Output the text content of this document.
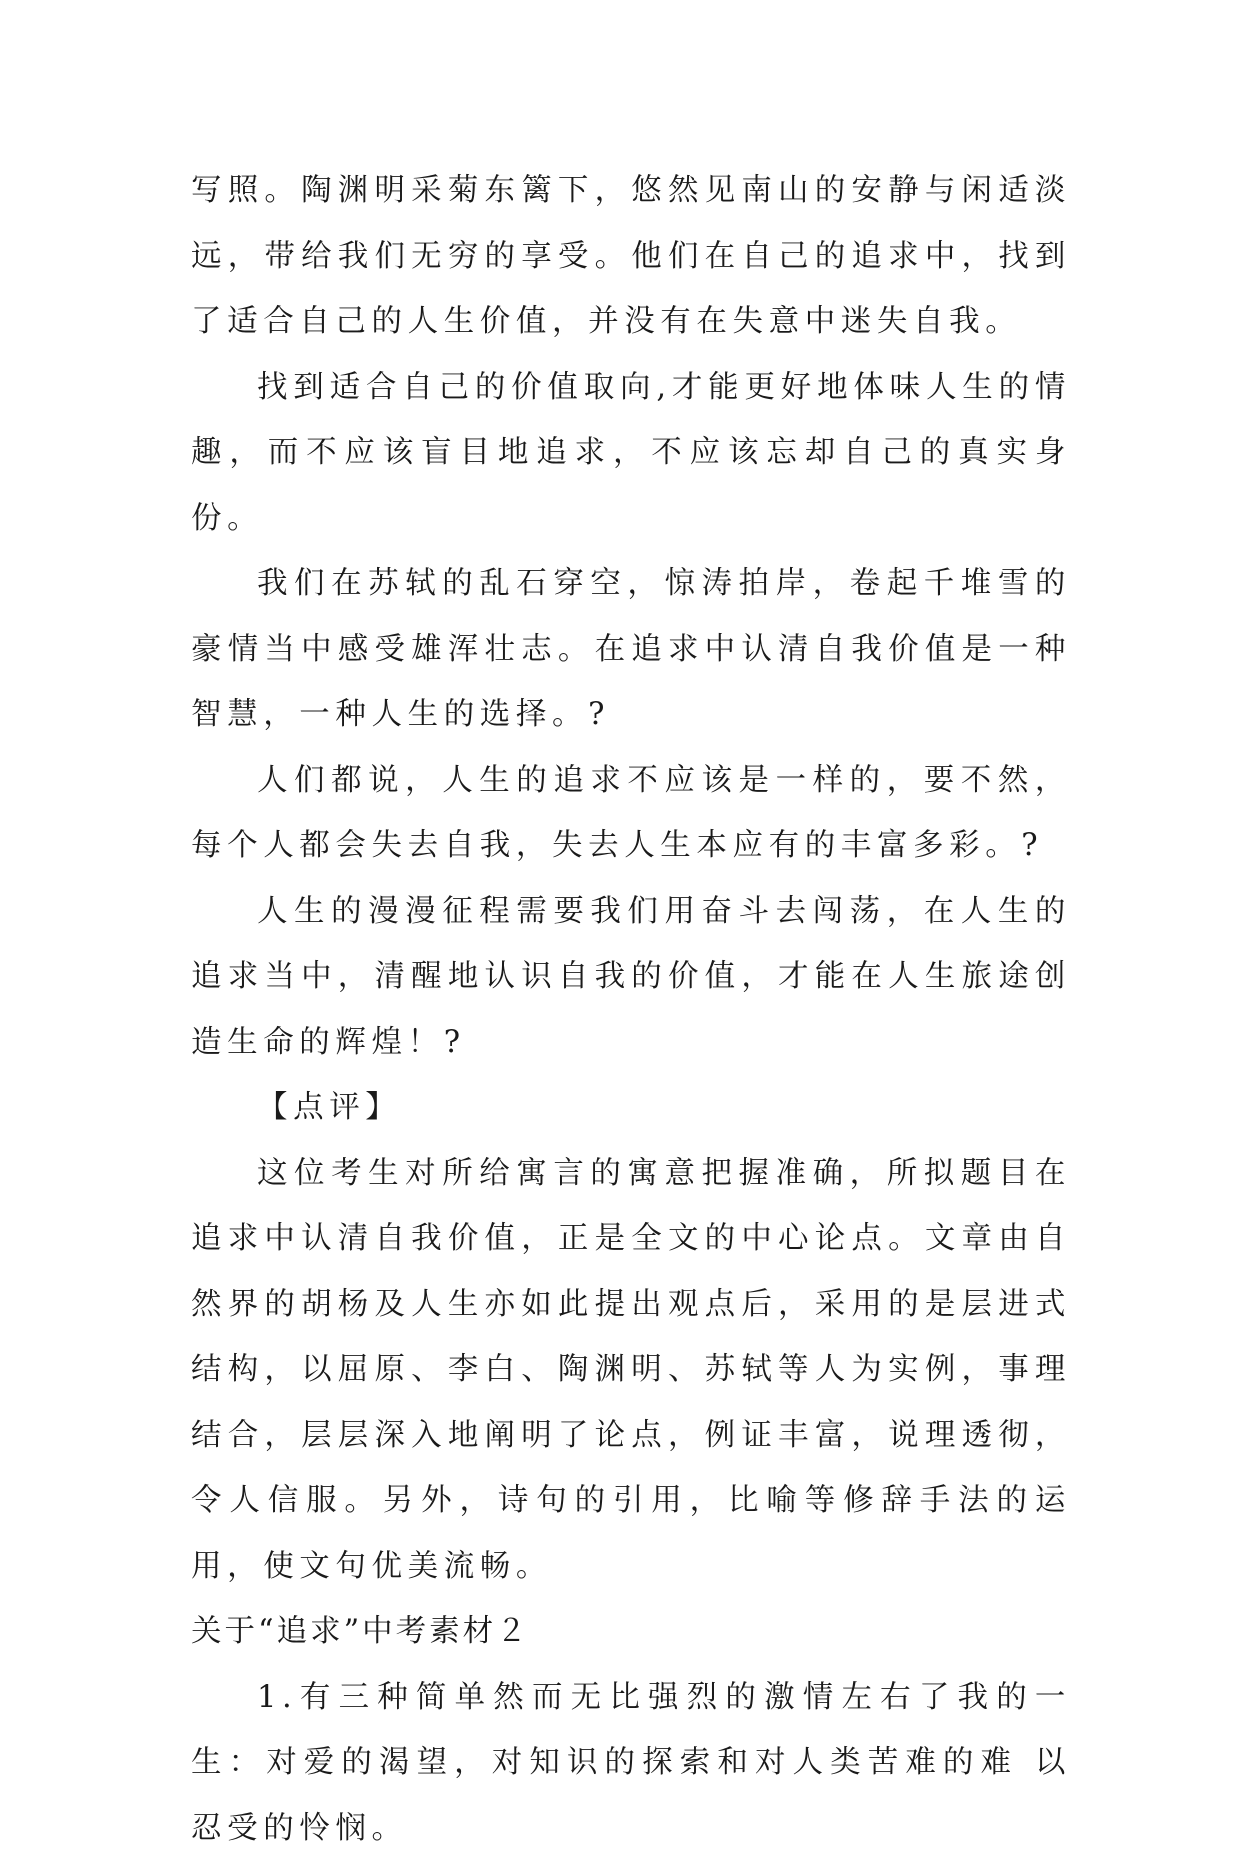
写照。陶渊明采菊东篱下，悠然见南山的安静与闲适淡远，带给我们无穷的享受。他们在自己的追求中，找到了适合自己的人生价值，并没有在失意中迷失自我。

找到适合自己的价值取向,才能更好地体味人生的情趣，而不应该盲目地追求，不应该忘却自己的真实身份。

我们在苏轼的乱石穿空，惊涛拍岸，卷起千堆雪的豪情当中感受雄浑壮志。在追求中认清自我价值是一种智慧，一种人生的选择。?

人们都说，人生的追求不应该是一样的，要不然，每个人都会失去自我，失去人生本应有的丰富多彩。?

人生的漫漫征程需要我们用奋斗去闯荡，在人生的追求当中，清醒地认识自我的价值，才能在人生旅途创造生命的辉煌！?

【点评】

这位考生对所给寓言的寓意把握准确，所拟题目在追求中认清自我价值，正是全文的中心论点。文章由自然界的胡杨及人生亦如此提出观点后，采用的是层进式结构，以屈原、李白、陶渊明、苏轼等人为实例，事理结合，层层深入地阐明了论点，例证丰富，说理透彻，令人信服。另外，诗句的引用，比喻等修辞手法的运用，使文句优美流畅。

关于“追求”中考素材２

1.有三种简单然而无比强烈的激情左右了我的一生：对爱的渴望，对知识的探索和对人类苦难的难 以忍受的怜悯。
